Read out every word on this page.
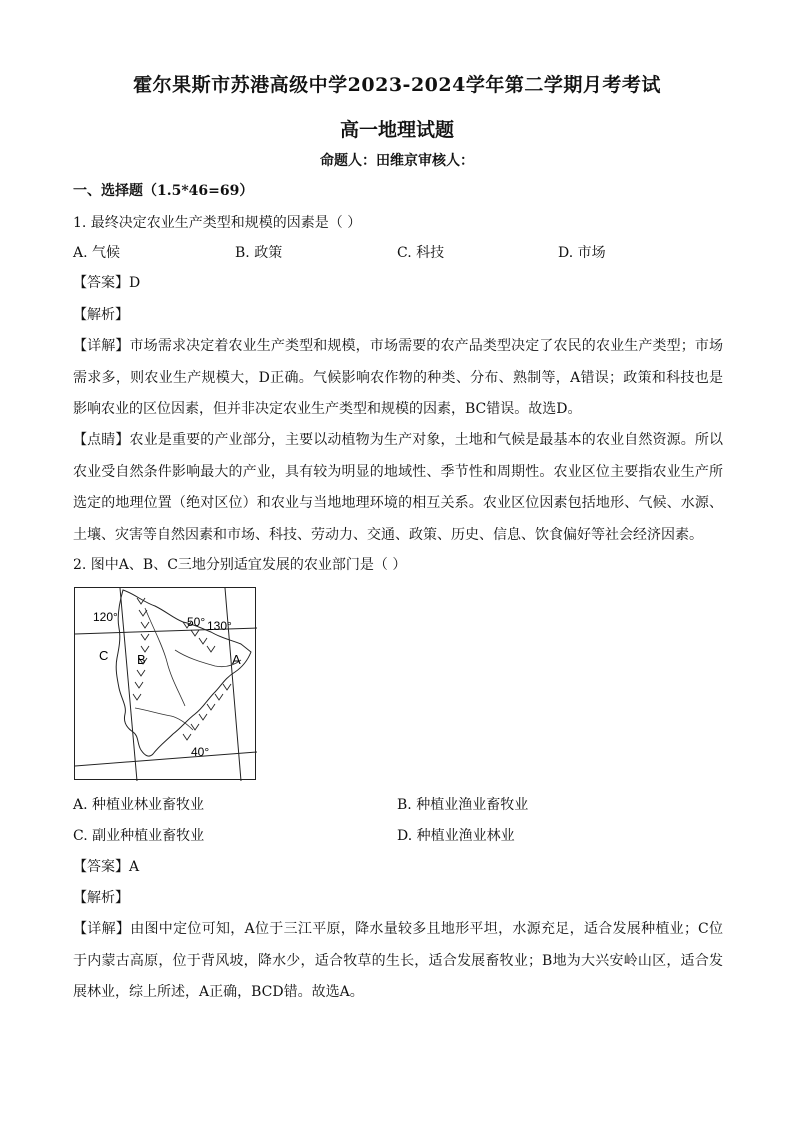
霍尔果斯市苏港高级中学2023-2024学年第二学期月考考试
高一地理试题
命题人：田维京审核人：
一、选择题（1.5*46=69）
1. 最终决定农业生产类型和规模的因素是（ ）
A. 气候	B. 政策	C. 科技	D. 市场
【答案】D
【解析】
【详解】市场需求决定着农业生产类型和规模，市场需要的农产品类型决定了农民的农业生产类型；市场需求多，则农业生产规模大，D正确。气候影响农作物的种类、分布、熟制等，A错误；政策和科技也是影响农业的区位因素，但并非决定农业生产类型和规模的因素，BC错误。故选D。
【点睛】农业是重要的产业部分，主要以动植物为生产对象，土地和气候是最基本的农业自然资源。所以农业受自然条件影响最大的产业，具有较为明显的地域性、季节性和周期性。农业区位主要指农业生产所选定的地理位置（绝对区位）和农业与当地地理环境的相互关系。农业区位因素包括地形、气候、水源、土壤、灾害等自然因素和市场、科技、劳动力、交通、政策、历史、信息、饮食偏好等社会经济因素。
2. 图中A、B、C三地分别适宜发展的农业部门是（ ）
120°	50° 130°
40°
A
B
C
A. 种植业林业畜牧业	B. 种植业渔业畜牧业
C. 副业种植业畜牧业	D. 种植业渔业林业
【答案】A
【解析】
【详解】由图中定位可知，A位于三江平原，降水量较多且地形平坦，水源充足，适合发展种植业；C位于内蒙古高原，位于背风坡，降水少，适合牧草的生长，适合发展畜牧业；B地为大兴安岭山区，适合发展林业，综上所述，A正确，BCD错。故选A。
